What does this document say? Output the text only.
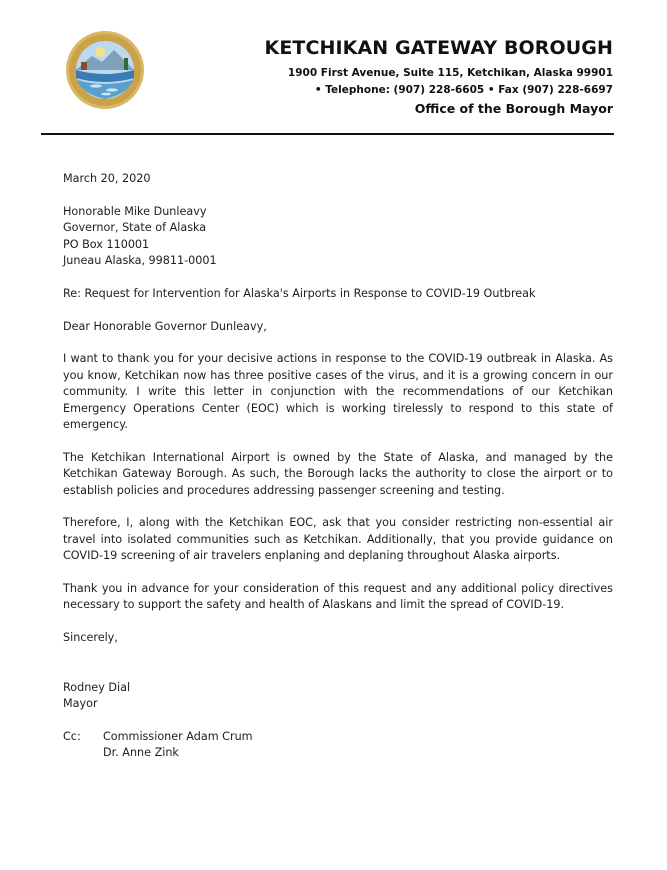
KETCHIKAN GATEWAY BOROUGH
1900 First Avenue, Suite 115, Ketchikan, Alaska 99901
• Telephone: (907) 228-6605 • Fax (907) 228-6697
Office of the Borough Mayor

March 20, 2020

Honorable Mike Dunleavy

Governor, State of Alaska

PO Box 110001

Juneau Alaska, 99811-0001

Re: Request for Intervention for Alaska's Airports in Response to COVID-19 Outbreak

Dear Honorable Governor Dunleavy,

I want to thank you for your decisive actions in response to the COVID-19 outbreak in Alaska. As you know, Ketchikan now has three positive cases of the virus, and it is a growing concern in our community. I write this letter in conjunction with the recommendations of our Ketchikan Emergency Operations Center (EOC) which is working tirelessly to respond to this state of emergency.

The Ketchikan International Airport is owned by the State of Alaska, and managed by the Ketchikan Gateway Borough. As such, the Borough lacks the authority to close the airport or to establish policies and procedures addressing passenger screening and testing.

Therefore, I, along with the Ketchikan EOC, ask that you consider restricting non-essential air travel into isolated communities such as Ketchikan. Additionally, that you provide guidance on COVID-19 screening of air travelers enplaning and deplaning throughout Alaska airports.

Thank you in advance for your consideration of this request and any additional policy directives necessary to support the safety and health of Alaskans and limit the spread of COVID-19.

Sincerely,

Rodney Dial

Mayor

Cc:	Commissioner Adam Crum

Dr. Anne Zink
